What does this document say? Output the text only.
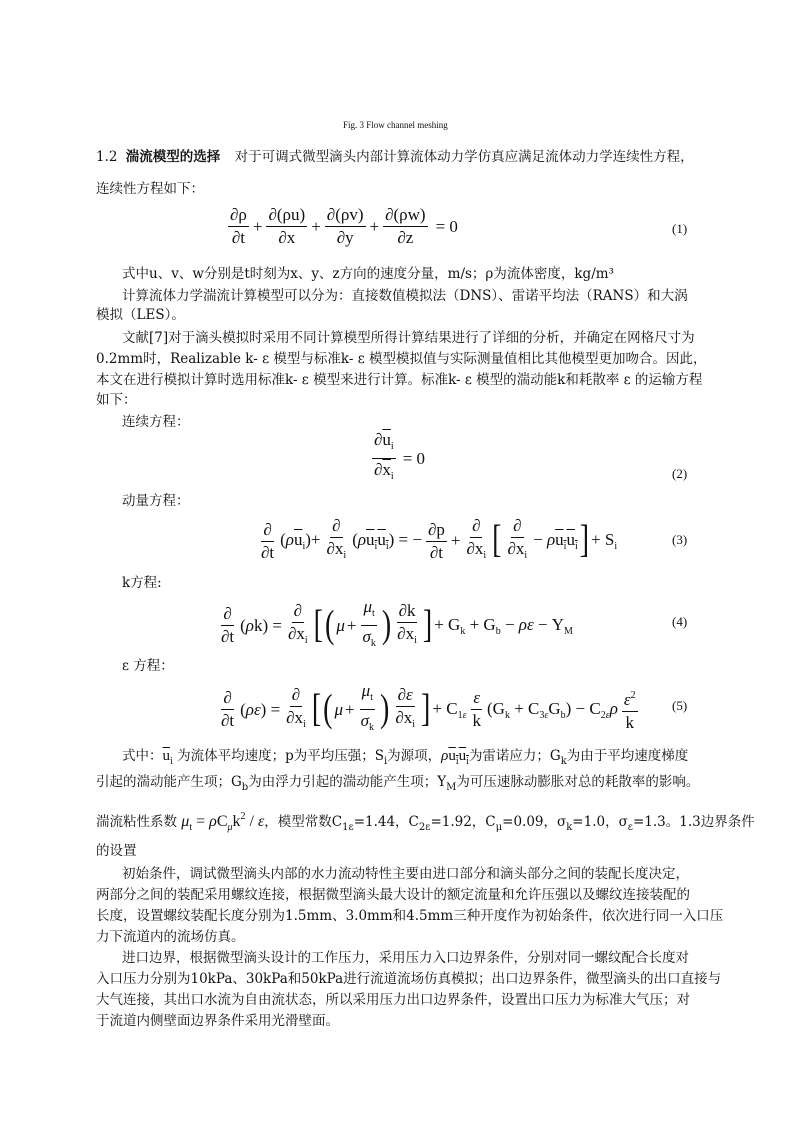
Fig. 3 Flow channel meshing
1.2 湍流模型的选择 对于可调式微型滴头内部计算流体动力学仿真应满足流体动力学连续性方程，
连续性方程如下：
$\frac{\partial\rho}{\partial t} + \frac{\partial(\rho u)}{\partial x} + \frac{\partial(\rho v)}{\partial y} + \frac{\partial(\rho w)}{\partial z} = 0$	(1)
式中u、v、w分别是t时刻为x、y、z方向的速度分量，m/s；ρ为流体密度，kg/m³
计算流体力学湍流计算模型可以分为：直接数值模拟法（DNS）、雷诺平均法（RANS）和大涡
模拟（LES）。
文献[7]对于滴头模拟时采用不同计算模型所得计算结果进行了详细的分析，并确定在网格尺寸为
0.2mm时，Realizable k- ε 模型与标准k- ε 模型模拟值与实际测量值相比其他模型更加吻合。因此，
本文在进行模拟计算时选用标准k- ε 模型来进行计算。标准k- ε 模型的湍动能k和耗散率 ε 的运输方程
如下：
连续方程：
$\frac{\partial\overline{u}_i}{\partial\overline{x}_i} = 0$
(2)
动量方程：
$\frac{\partial}{\partial t} (\rho\overline{u}_i)+ \frac{\partial}{\partial x_i} (\rho u_iu_i)$ = − $\frac{\partial p}{\partial t} + \frac{\partial}{\partial x_i}$ [ $\frac{\partial}{\partial x_i} - \rho u_iu_i$ ] + $S_i$	(3)
k方程:
$\frac{\partial}{\partial t} (\rho k) = \frac{\partial}{\partial x_i}$ [ ( $\mu + \frac{\mu_t}{\sigma_k}$ ) $\frac{\partial k}{\partial x_i}$ ] + $G_k + G_b - \rho\varepsilon - Y_M$
(4)
ε 方程：
$\frac{\partial}{\partial t} (\rho\varepsilon) = \frac{\partial}{\partial x_i}$ [ ( $\mu + \frac{\mu_t}{\sigma_k}$ ) $\frac{\partial\varepsilon}{\partial x_i}$ ] + $C_{1\varepsilon} \frac{\varepsilon}{k} (G_k + C_{3\varepsilon}G_b) - C_{2\varepsilon}\rho \frac{\varepsilon^2}{k}$	(5)
式中：$\overline{u}_i$ 为流体平均速度；p为平均压强；$S_i$为源项，$\rho u_iu_i$为雷诺应力；$G_k$为由于平均速度梯度
引起的湍动能产生项；$G_b$为由浮力引起的湍动能产生项；$Y_M$为可压速脉动膨胀对总的耗散率的影响。
湍流粘性系数 $\mu_t = \rho C_\mu k^2 / \varepsilon$，模型常数$C_{1\varepsilon}=1.44$，$C_{2\varepsilon}=1.92$，$C_\mu=0.09$，$\sigma_k=1.0$，$\sigma_\varepsilon=1.3$。1.3边界条件
的设置
初始条件，调试微型滴头内部的水力流动特性主要由进口部分和滴头部分之间的装配长度决定，
两部分之间的装配采用螺纹连接，根据微型滴头最大设计的额定流量和允许压强以及螺纹连接装配的
长度，设置螺纹装配长度分别为1.5mm、3.0mm和4.5mm三种开度作为初始条件，依次进行同一入口压
力下流道内的流场仿真。
进口边界，根据微型滴头设计的工作压力，采用压力入口边界条件，分别对同一螺纹配合长度对
入口压力分别为10kPa、30kPa和50kPa进行流道流场仿真模拟；出口边界条件，微型滴头的出口直接与
大气连接，其出口水流为自由流状态，所以采用压力出口边界条件，设置出口压力为标准大气压；对
于流道内侧壁面边界条件采用光滑壁面。
